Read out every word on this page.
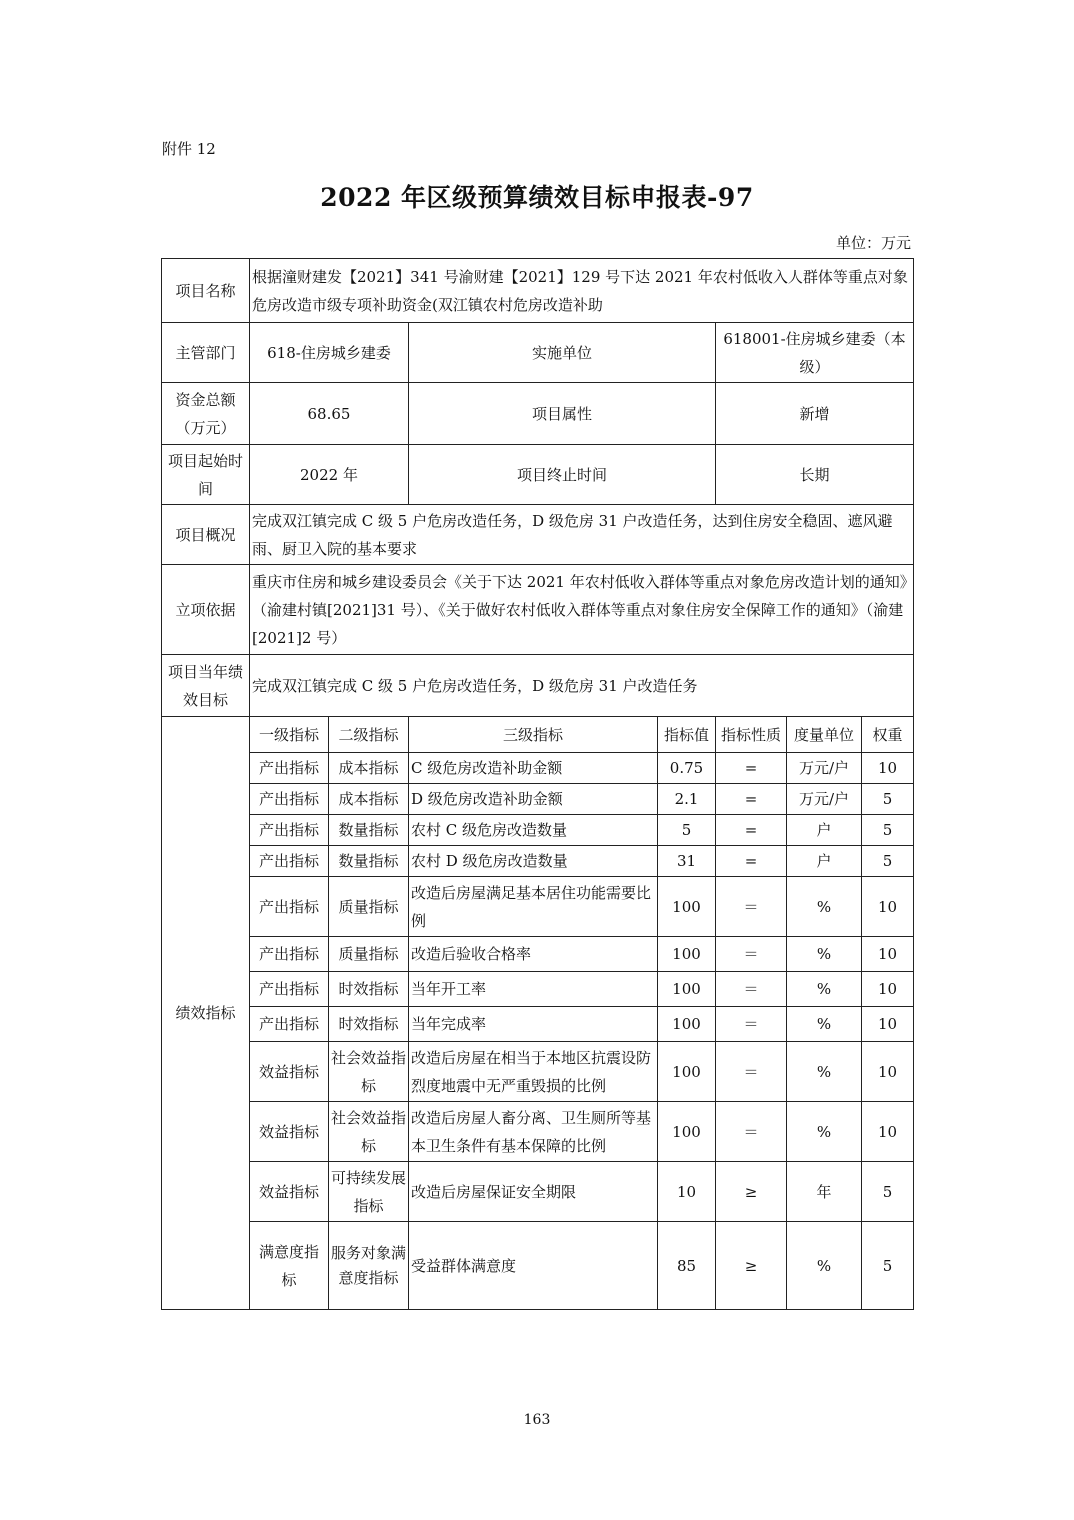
附件 12
2022 年区级预算绩效目标申报表-97
单位：万元
项目名称	根据潼财建发【2021】341 号渝财建【2021】129 号下达 2021 年农村低收入人群体等重点对象危房改造市级专项补助资金(双江镇农村危房改造补助						
主管部门	618-住房城乡建委		实施单位		618001-住房城乡建委（本级）		
资金总额（万元）	68.65		项目属性		新增		
项目起始时间	2022 年		项目终止时间		长期		
项目概况	完成双江镇完成 C 级 5 户危房改造任务，D 级危房 31 户改造任务，达到住房安全稳固、遮风避雨、厨卫入院的基本要求						
立项依据	重庆市住房和城乡建设委员会《关于下达 2021 年农村低收入群体等重点对象危房改造计划的通知》（渝建村镇[2021]31 号）、《关于做好农村低收入群体等重点对象住房安全保障工作的通知》（渝建[2021]2 号）						
项目当年绩效目标	完成双江镇完成 C 级 5 户危房改造任务，D 级危房 31 户改造任务						
绩效指标	一级指标	二级指标	三级指标	指标值	指标性质	度量单位	权重
	产出指标	成本指标	C 级危房改造补助金额	0.75	=	万元/户	10
	产出指标	成本指标	D 级危房改造补助金额	2.1	=	万元/户	5
	产出指标	数量指标	农村 C 级危房改造数量	5	=	户	5
	产出指标	数量指标	农村 D 级危房改造数量	31	=	户	5
	产出指标	质量指标	改造后房屋满足基本居住功能需要比例	100	＝	%	10
	产出指标	质量指标	改造后验收合格率	100	＝	%	10
	产出指标	时效指标	当年开工率	100	＝	%	10
	产出指标	时效指标	当年完成率	100	＝	%	10
	效益指标	社会效益指标	改造后房屋在相当于本地区抗震设防烈度地震中无严重毁损的比例	100	＝	%	10
	效益指标	社会效益指标	改造后房屋人畜分离、卫生厕所等基本卫生条件有基本保障的比例	100	＝	%	10
	效益指标	可持续发展指标	改造后房屋保证安全期限	10	≥	年	5
	满意度指标	服务对象满意度指标	受益群体满意度	85	≥	%	5
163
